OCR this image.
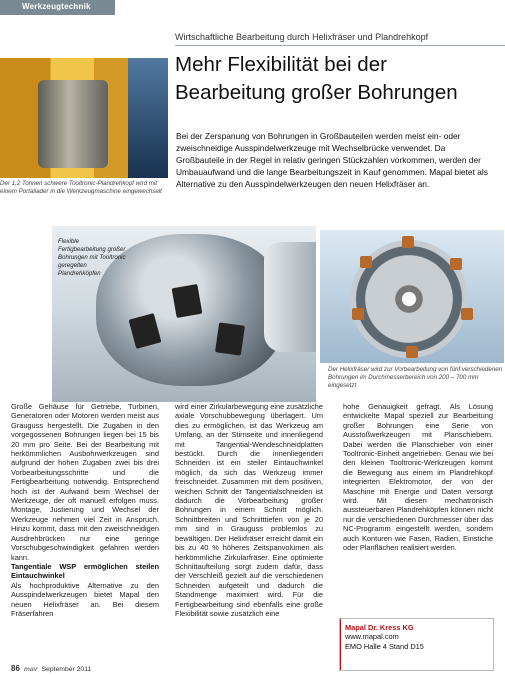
Werkzeugtechnik
Wirtschaftliche Bearbeitung durch Helixfräser und Plandrehkopf
Mehr Flexibilität bei der Bearbeitung großer Bohrungen
Der 1,2 Tonnen schwere Tooltronic-Plandrehkopf wird mit einem Portallader in die Werkzeugmaschine eingewechselt
Bei der Zerspanung von Bohrungen in Großbauteilen werden meist ein- oder zweischneidige Ausspindelwerkzeuge mit Wechselbrücke verwendet. Da Großbauteile in der Regel in relativ geringen Stückzahlen vorkommen, werden der Umbauaufwand und die lange Bearbeitungszeit in Kauf genommen. Mapal bietet als Alternative zu den Ausspindelwerkzeugen den neuen Helixfräser an.
Flexible Fertigbearbeitung großer Bohrungen mit Tooltronic geregelten Plandrehköpfen
Der Helixfräser wird zur Vorbearbeitung von fünf verschiedenen Bohrungen im Durchmesserbereich von 200 – 700 mm eingesetzt

Große Gehäuse für Getriebe, Turbinen, Generatoren oder Motoren werden meist aus Grauguss hergestellt. Die Zugaben in den vorgegossenen Bohrungen liegen bei 15 bis 20 mm pro Seite. Bei der Bearbeitung mit herkömmlichen Ausbohrwerkzeugen sind aufgrund der hohen Zugaben zwei bis drei Vorbearbeitungsschritte und die Fertigbearbeitung notwendig. Entsprechend hoch ist der Aufwand beim Wechsel der Werkzeuge, der oft manuell erfolgen muss. Montage, Justierung und Wechsel der Werkzeuge nehmen viel Zeit in Anspruch. Hinzu kommt, dass mit den zweischneidigen Ausdrehbrücken nur eine geringe Vorschubgeschwindigkeit gefahren werden kann.

Tangentiale WSP ermöglichen steilen Eintauchwinkel

Als hochproduktive Alternative zu den Ausspindelwerkzeugen bietet Mapal den neuen Helixfräser an. Bei diesem Fräserfahren

wird einer Zirkularbewegung eine zusätzliche axiale Vorschubbewegung überlagert. Um dies zu ermöglichen, ist das Werkzeug am Umfang, an der Stirnseite und innenliegend mit Tangential-Wendeschneidplatten bestückt. Durch die innenliegenden Schneiden ist ein steiler Eintauchwinkel möglich, da sich das Werkzeug immer freischneidet. Zusammen mit dem positiven, weichen Schnitt der Tangentialschneiden ist dadurch die Vorbearbeitung großer Bohrungen in einem Schnitt möglich. Schnittbreiten und Schnitttiefen von je 20 mm sind in Grauguss problemlos zu bewältigen. Der Helixfräser erreicht damit ein bis zu 40 % höheres Zeitspanvolumen als herkömmliche Zirkularfräser. Eine optimierte Schnittaufteilung sorgt zudem dafür, dass der Verschleiß gezielt auf die verschiedenen Schneiden aufgeteilt und dadurch die Standmenge maximiert wird. Für die Fertigbearbeitung sind ebenfalls eine große Flexibilität sowie zusätzlich eine

hohe Genauigkeit gefragt. Als Lösung entwickelte Mapal speziell zur Bearbeitung großer Bohrungen eine Serie von Ausstoßwerkzeugen mit Planschiebern. Dabei werden die Planschieber von einer Tooltronic-Einheit angetrieben. Genau wie bei den kleinen Tooltronic-Werkzeugen kommt die Bewegung aus einem im Plandrehkopf integrierten Elektromotor, der von der Maschine mit Energie und Daten versorgt wird. Mit diesen mechatronisch aussteuerbaren Plandrehköpfen können nicht nur die verschiedenen Durchmesser über das NC-Programm eingestellt werden, sondern auch Konturen wie Fasen, Radien, Einstiche oder Planflächen realisiert werden.

Mapal Dr. Kress KG
www.mapal.com
EMO Halle 4 Stand D15
86 mav September 2011
